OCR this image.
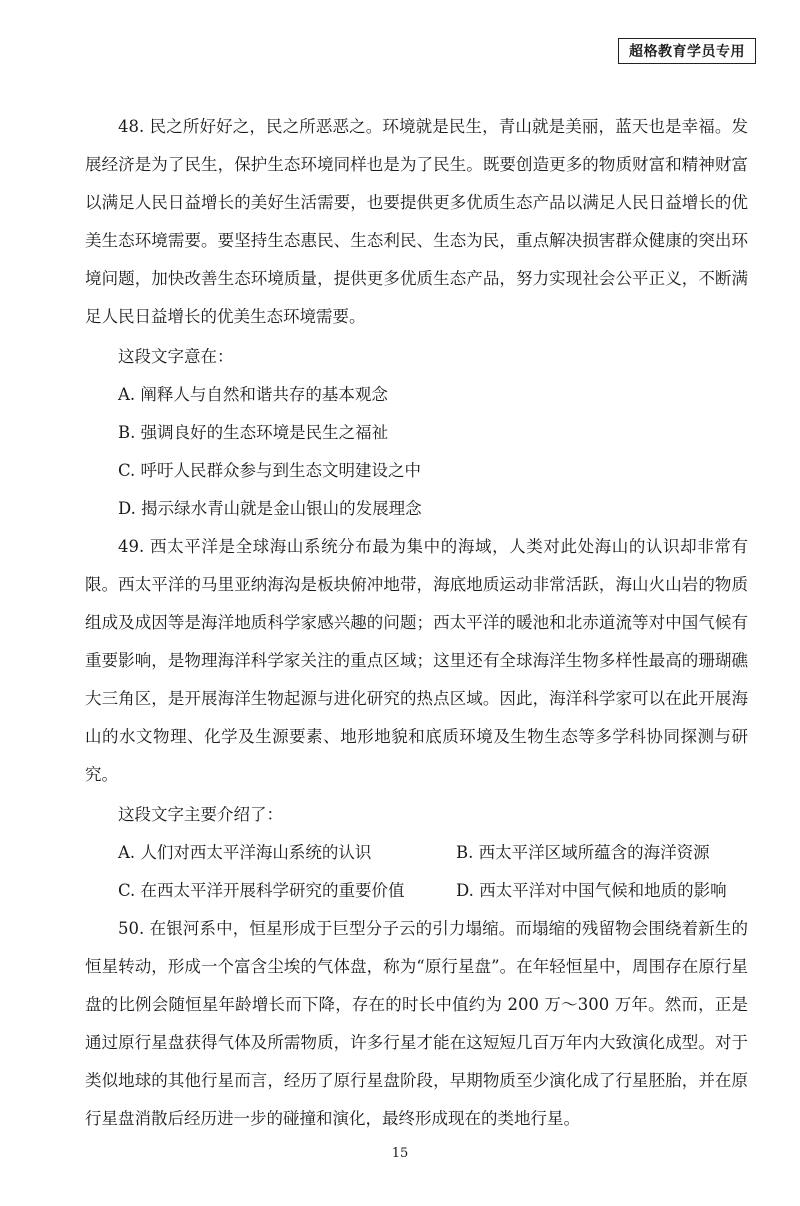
超格教育学员专用

48. 民之所好好之，民之所恶恶之。环境就是民生，青山就是美丽，蓝天也是幸福。发展经济是为了民生，保护生态环境同样也是为了民生。既要创造更多的物质财富和精神财富以满足人民日益增长的美好生活需要，也要提供更多优质生态产品以满足人民日益增长的优美生态环境需要。要坚持生态惠民、生态利民、生态为民，重点解决损害群众健康的突出环境问题，加快改善生态环境质量，提供更多优质生态产品，努力实现社会公平正义，不断满足人民日益增长的优美生态环境需要。

这段文字意在：

A. 阐释人与自然和谐共存的基本观念

B. 强调良好的生态环境是民生之福祉

C. 呼吁人民群众参与到生态文明建设之中

D. 揭示绿水青山就是金山银山的发展理念

49. 西太平洋是全球海山系统分布最为集中的海域，人类对此处海山的认识却非常有限。西太平洋的马里亚纳海沟是板块俯冲地带，海底地质运动非常活跃，海山火山岩的物质组成及成因等是海洋地质科学家感兴趣的问题；西太平洋的暖池和北赤道流等对中国气候有重要影响，是物理海洋科学家关注的重点区域；这里还有全球海洋生物多样性最高的珊瑚礁大三角区，是开展海洋生物起源与进化研究的热点区域。因此，海洋科学家可以在此开展海山的水文物理、化学及生源要素、地形地貌和底质环境及生物生态等多学科协同探测与研究。

这段文字主要介绍了：

A. 人们对西太平洋海山系统的认识	B. 西太平洋区域所蕴含的海洋资源
C. 在西太平洋开展科学研究的重要价值	D. 西太平洋对中国气候和地质的影响

50. 在银河系中，恒星形成于巨型分子云的引力塌缩。而塌缩的残留物会围绕着新生的恒星转动，形成一个富含尘埃的气体盘，称为“原行星盘”。在年轻恒星中，周围存在原行星盘的比例会随恒星年龄增长而下降，存在的时长中值约为 200 万～300 万年。然而，正是通过原行星盘获得气体及所需物质，许多行星才能在这短短几百万年内大致演化成型。对于类似地球的其他行星而言，经历了原行星盘阶段，早期物质至少演化成了行星胚胎，并在原行星盘消散后经历进一步的碰撞和演化，最终形成现在的类地行星。

15
